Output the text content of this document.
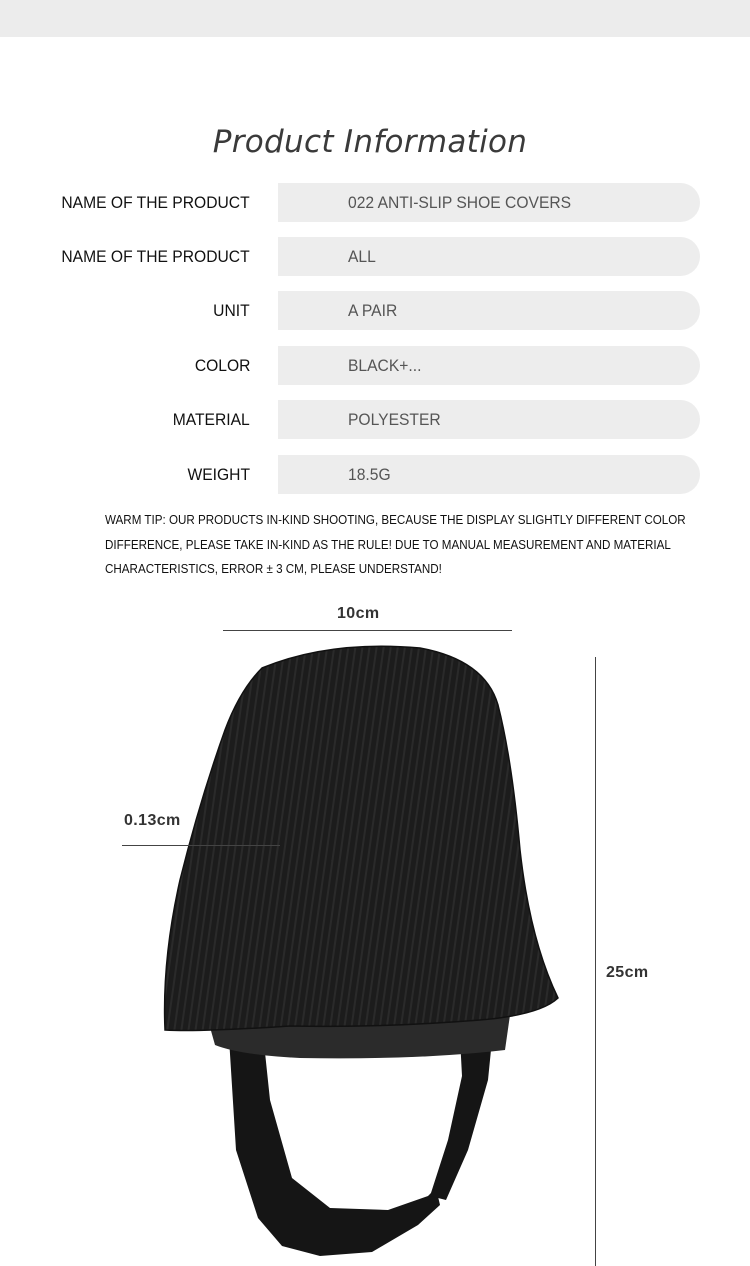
Product Information
NAME OF THE PRODUCT	022 ANTI-SLIP SHOE COVERS
NAME OF THE PRODUCT	ALL
UNIT	A PAIR
COLOR	BLACK+...
MATERIAL	POLYESTER
WEIGHT	18.5G
WARM TIP: OUR PRODUCTS IN-KIND SHOOTING, BECAUSE THE DISPLAY SLIGHTLY DIFFERENT COLOR
DIFFERENCE, PLEASE TAKE IN-KIND AS THE RULE! DUE TO MANUAL MEASUREMENT AND MATERIAL
CHARACTERISTICS, ERROR ± 3 CM, PLEASE UNDERSTAND!
10cm
0.13cm
25cm
